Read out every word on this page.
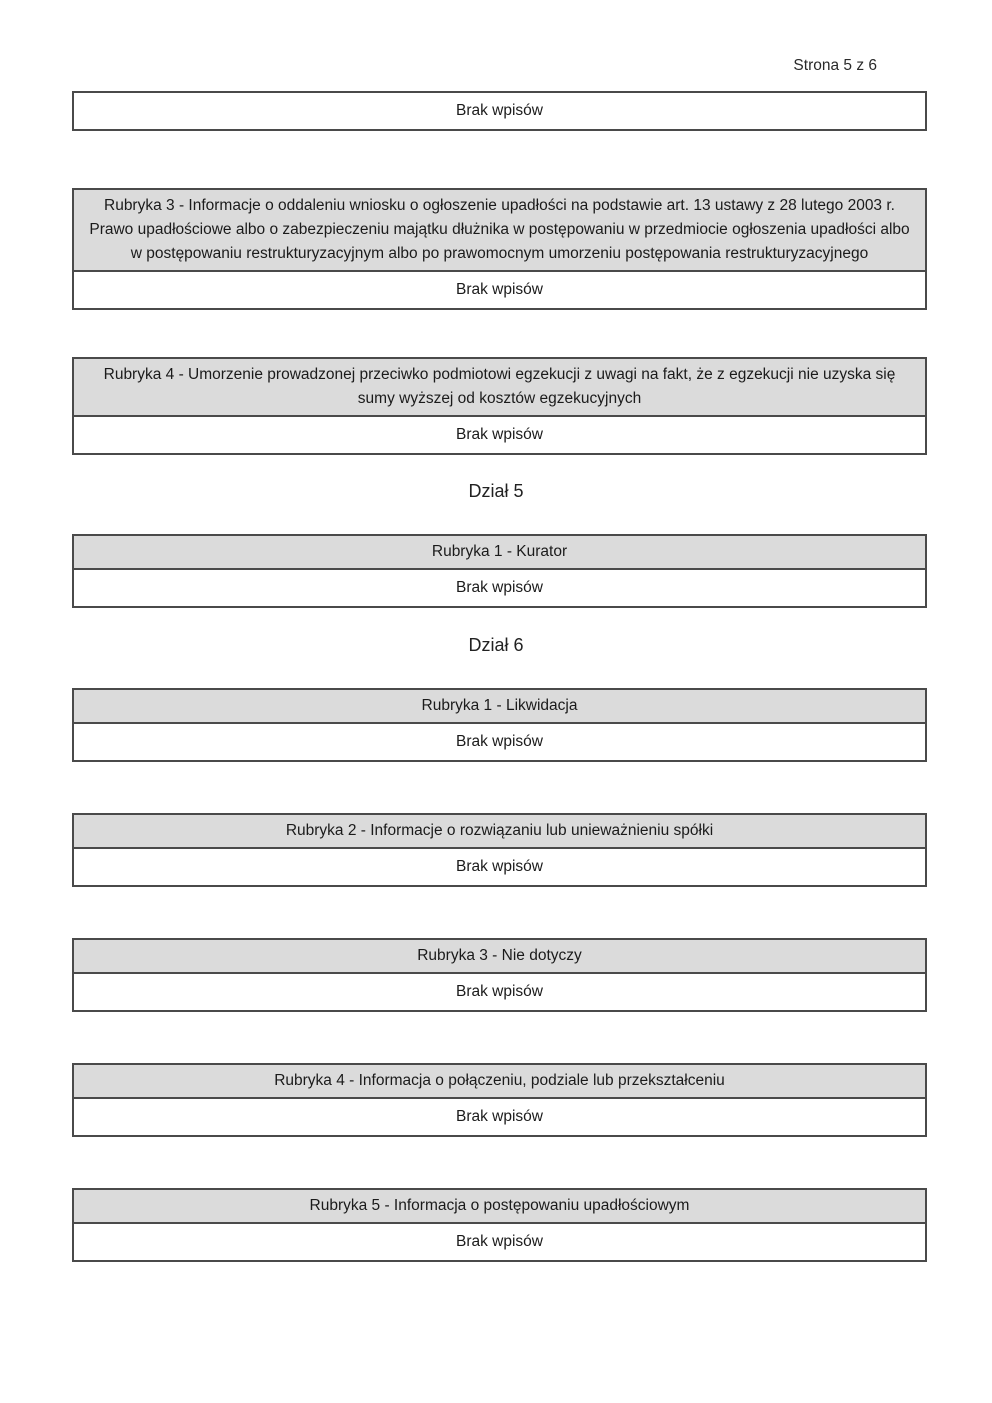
Strona 5 z 6
Brak wpisów
Rubryka 3 - Informacje o oddaleniu wniosku o ogłoszenie upadłości na podstawie art. 13 ustawy z 28 lutego 2003 r. Prawo upadłościowe albo o zabezpieczeniu majątku dłużnika w postępowaniu w przedmiocie ogłoszenia upadłości albo w postępowaniu restrukturyzacyjnym albo po prawomocnym umorzeniu postępowania restrukturyzacyjnego
Brak wpisów
Rubryka 4 - Umorzenie prowadzonej przeciwko podmiotowi egzekucji z uwagi na fakt, że z egzekucji nie uzyska się sumy wyższej od kosztów egzekucyjnych
Brak wpisów
Dział 5
Rubryka 1 - Kurator
Brak wpisów
Dział 6
Rubryka 1 - Likwidacja
Brak wpisów
Rubryka 2 - Informacje o rozwiązaniu lub unieważnieniu spółki
Brak wpisów
Rubryka 3 - Nie dotyczy
Brak wpisów
Rubryka 4 - Informacja o połączeniu, podziale lub przekształceniu
Brak wpisów
Rubryka 5 - Informacja o postępowaniu upadłościowym
Brak wpisów
